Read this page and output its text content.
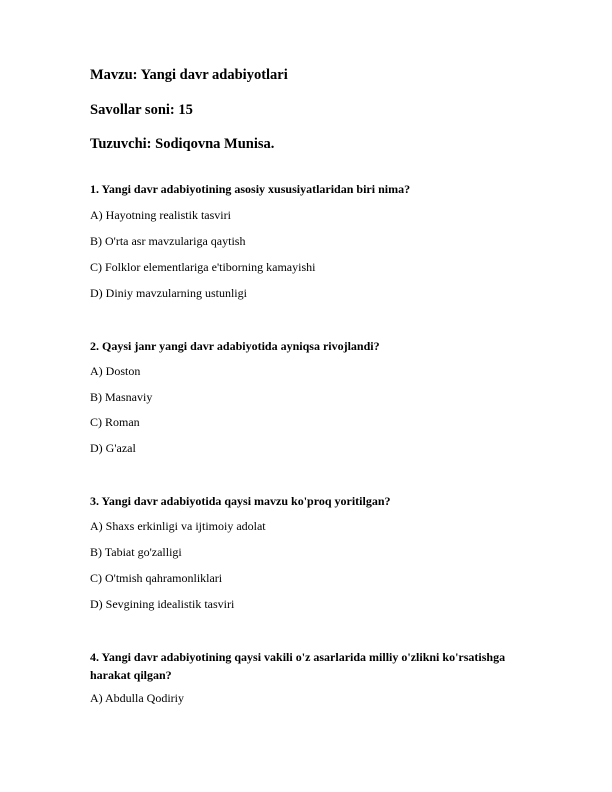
Mavzu: Yangi davr adabiyotlari
Savollar soni: 15
Tuzuvchi: Sodiqovna Munisa.
1. Yangi davr adabiyotining asosiy xususiyatlaridan biri nima?
A) Hayotning realistik tasviri
B) O'rta asr mavzulariga qaytish
C) Folklor elementlariga e'tiborning kamayishi
D) Diniy mavzularning ustunligi
2. Qaysi janr yangi davr adabiyotida ayniqsa rivojlandi?
A) Doston
B) Masnaviy
C) Roman
D) G'azal
3. Yangi davr adabiyotida qaysi mavzu ko'proq yoritilgan?
A) Shaxs erkinligi va ijtimoiy adolat
B) Tabiat go'zalligi
C) O'tmish qahramonliklari
D) Sevgining idealistik tasviri
4. Yangi davr adabiyotining qaysi vakili o'z asarlarida milliy o'zlikni ko'rsatishga harakat qilgan?
A) Abdulla Qodiriy
